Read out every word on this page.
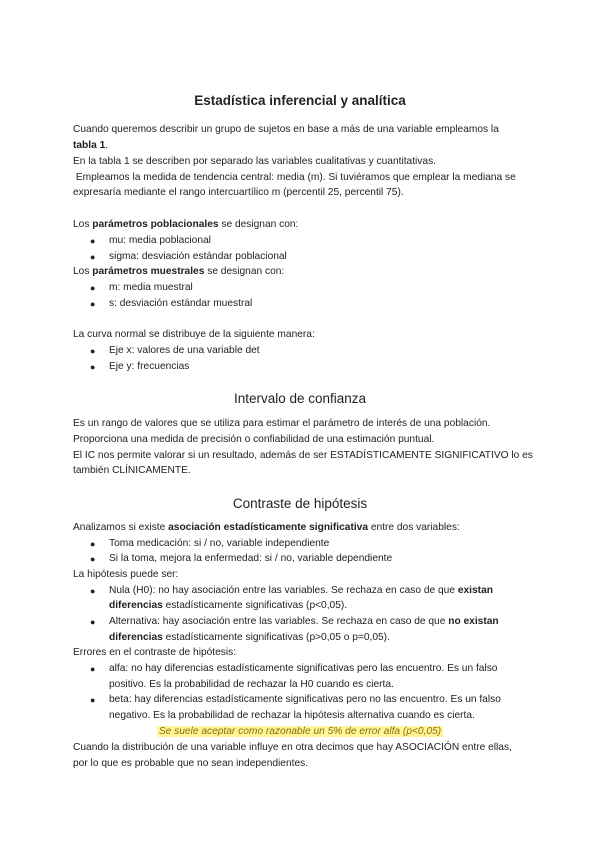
Estadística inferencial y analítica
Cuando queremos describir un grupo de sujetos en base a más de una variable empleamos la
tabla 1.
En la tabla 1 se describen por separado las variables cualitativas y cuantitativas.
Empleamos la medida de tendencia central: media (m). Si tuviéramos que emplear la mediana se
expresaría mediante el rango intercuartílico m (percentil 25, percentil 75).
Los parámetros poblacionales se designan con:
● mu: media poblacional
● sigma: desviación estándar poblacional
Los parámetros muestrales se designan con:
● m: media muestral
● s: desviación estándar muestral
La curva normal se distribuye de la siguiente manera:
● Eje x: valores de una variable det
● Eje y: frecuencias
Intervalo de confianza
Es un rango de valores que se utiliza para estimar el parámetro de interés de una población.
Proporciona una medida de precisión o confiabilidad de una estimación puntual.
El IC nos permite valorar si un resultado, además de ser ESTADÍSTICAMENTE SIGNIFICATIVO lo es
también CLÍNICAMENTE.
Contraste de hipótesis
Analizamos si existe asociación estadísticamente significativa entre dos variables:
● Toma medicación: si / no, variable independiente
● Si la toma, mejora la enfermedad: si / no, variable dependiente
La hipótesis puede ser:
● Nula (H0): no hay asociación entre las variables. Se rechaza en caso de que existan
diferencias estadísticamente significativas (p<0,05).
● Alternativa: hay asociación entre las variables. Se rechaza en caso de que no existan
diferencias estadísticamente significativas (p>0,05 o p=0,05).
Errores en el contraste de hipótesis:
● alfa: no hay diferencias estadísticamente significativas pero las encuentro. Es un falso
positivo. Es la probabilidad de rechazar la H0 cuando es cierta.
● beta: hay diferencias estadísticamente significativas pero no las encuentro. Es un falso
negativo. Es la probabilidad de rechazar la hipótesis alternativa cuando es cierta.
Se suele aceptar como razonable un 5% de error alfa (p<0,05)
Cuando la distribución de una variable influye en otra decimos que hay ASOCIACIÓN entre ellas,
por lo que es probable que no sean independientes.
